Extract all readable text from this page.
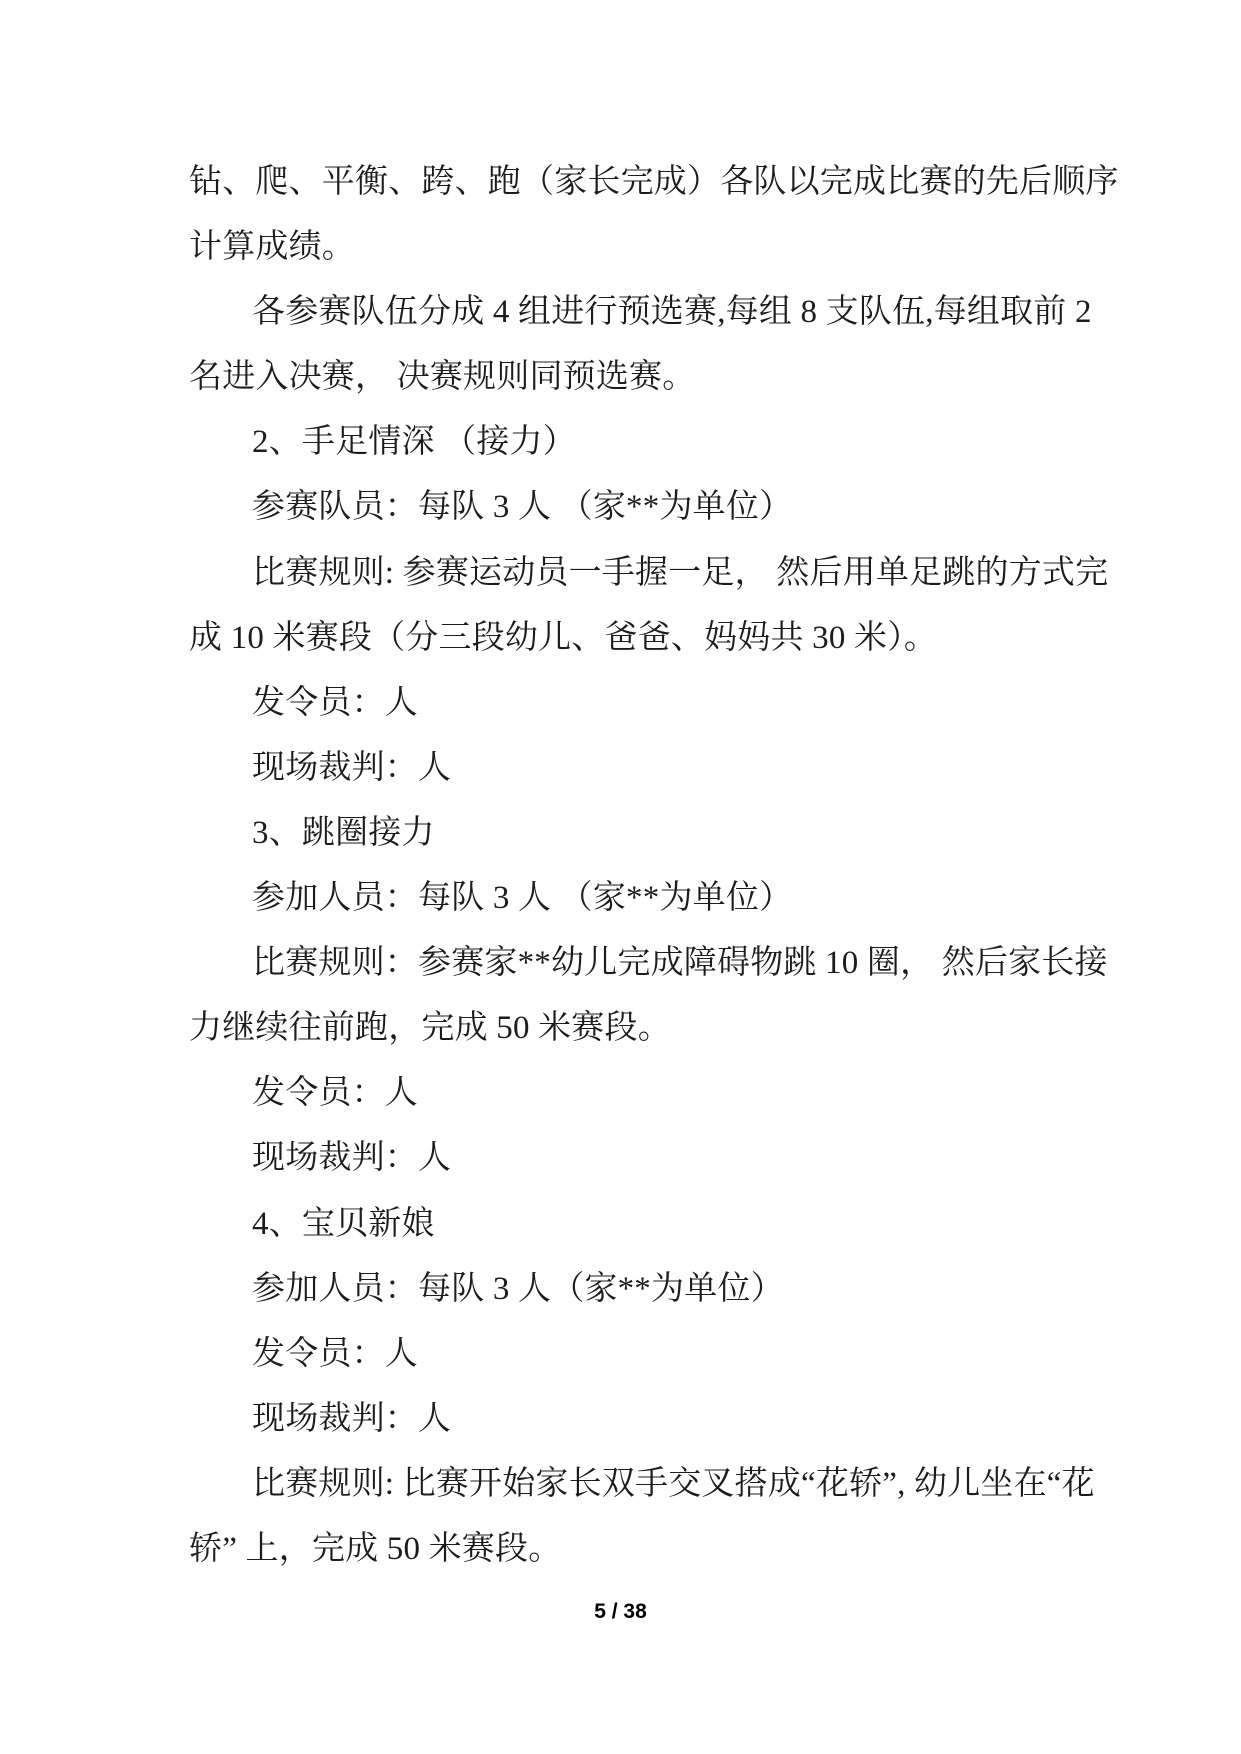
钻、爬、平衡、跨、跑（家长完成）各队以完成比赛的先后顺序
计算成绩。
各参赛队伍分成 4 组进行预选赛,每组 8 支队伍,每组取前 2
名进入决赛， 决赛规则同预选赛。
2、手足情深 （接力）
参赛队员：每队 3 人 （家**为单位）
比赛规则: 参赛运动员一手握一足， 然后用单足跳的方式完
成 10 米赛段（分三段幼儿、爸爸、妈妈共 30 米）。
发令员：人
现场裁判：人
3、跳圈接力
参加人员：每队 3 人 （家**为单位）
比赛规则：参赛家**幼儿完成障碍物跳 10 圈， 然后家长接
力继续往前跑，完成 50 米赛段。
发令员：人
现场裁判：人
4、宝贝新娘
参加人员：每队 3 人（家**为单位）
发令员：人
现场裁判：人
比赛规则: 比赛开始家长双手交叉搭成“花轿”, 幼儿坐在“花
轿” 上，完成 50 米赛段。
5 / 38
